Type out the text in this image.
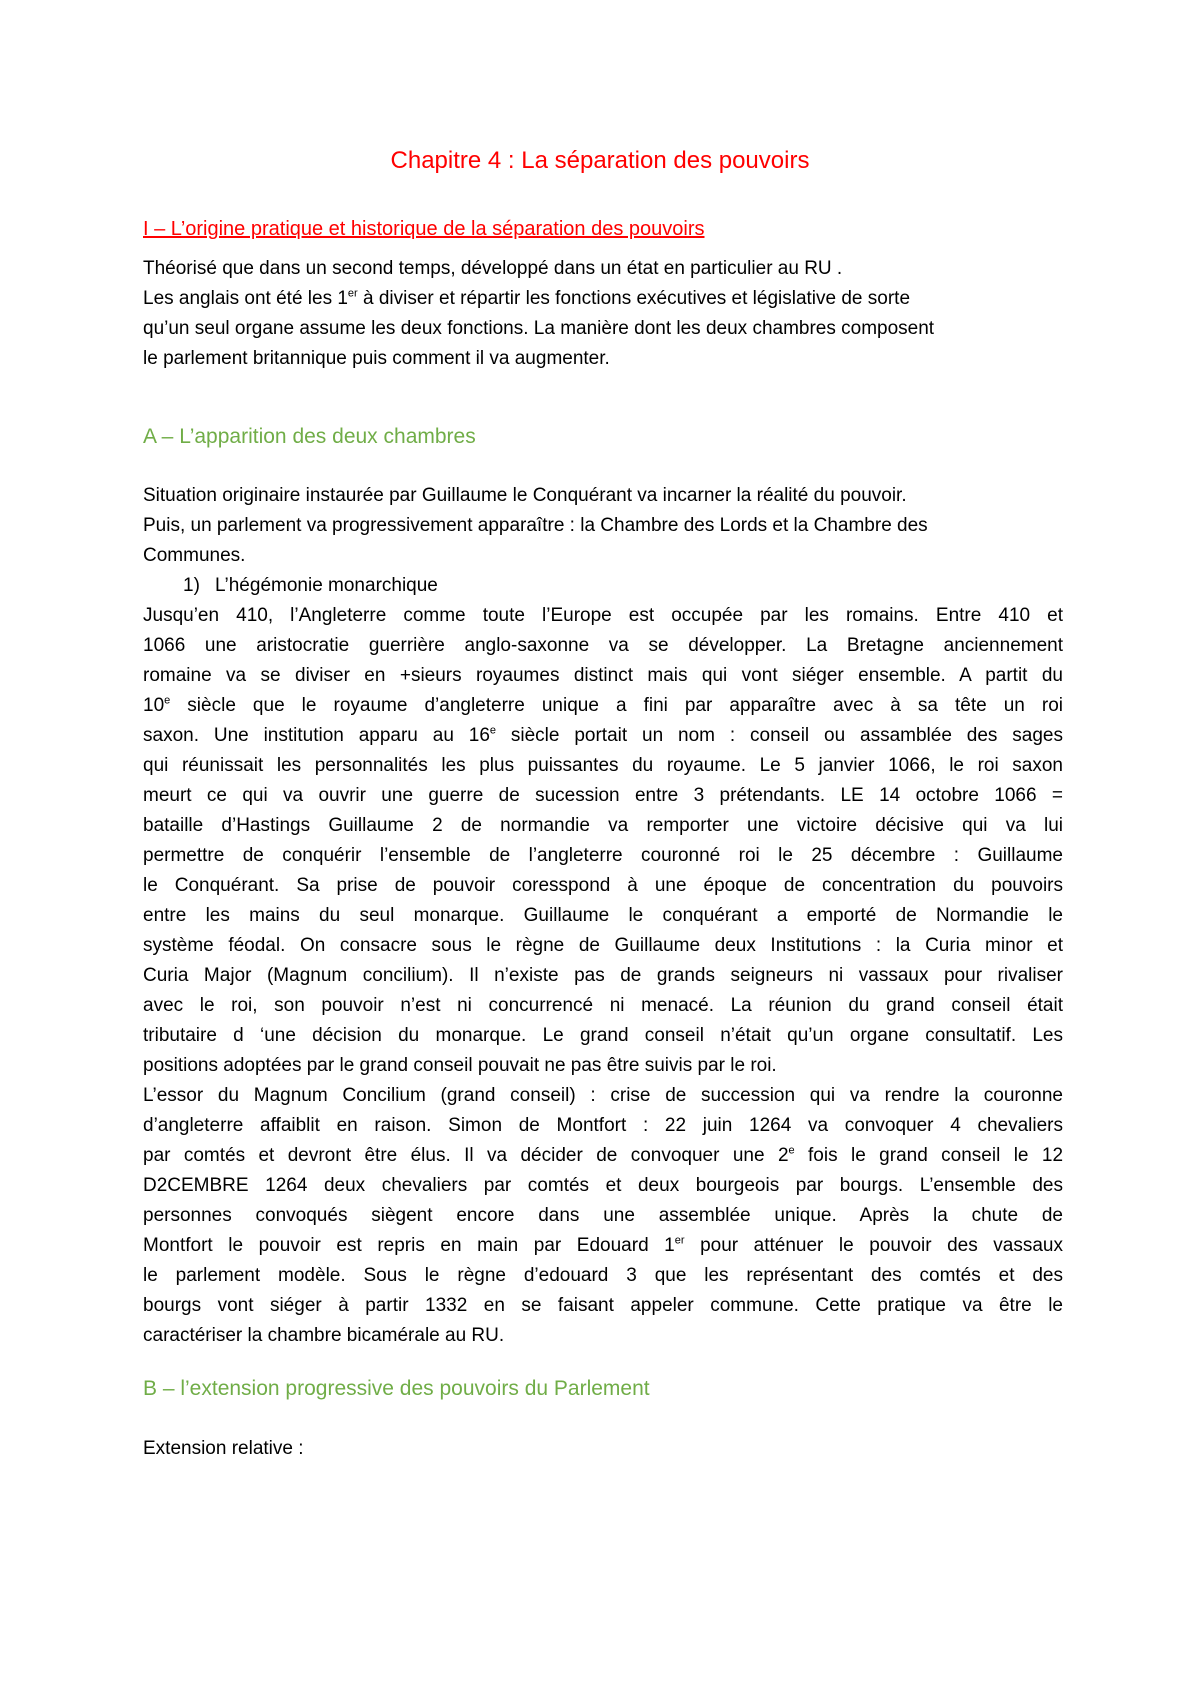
Chapitre 4 : La séparation des pouvoirs
I – L’origine pratique et historique de la séparation des pouvoirs
Théorisé que dans un second temps, développé dans un état en particulier au RU .
Les anglais ont été les 1er à diviser et répartir les fonctions exécutives et législative de sorte
qu’un seul organe assume les deux fonctions. La manière dont les deux chambres composent
le parlement britannique puis comment il va augmenter.
A – L’apparition des deux chambres
Situation originaire instaurée par Guillaume le Conquérant va incarner la réalité du pouvoir.
Puis, un parlement va progressivement apparaître : la Chambre des Lords et la Chambre des
Communes.
1) L’hégémonie monarchique
Jusqu’en 410, l’Angleterre comme toute l’Europe est occupée par les romains. Entre 410 et
1066 une aristocratie guerrière anglo-saxonne va se développer. La Bretagne anciennement
romaine va se diviser en +sieurs royaumes distinct mais qui vont siéger ensemble. A partit du
10e siècle que le royaume d’angleterre unique a fini par apparaître avec à sa tête un roi
saxon. Une institution apparu au 16e siècle portait un nom : conseil ou assamblée des sages
qui réunissait les personnalités les plus puissantes du royaume. Le 5 janvier 1066, le roi saxon
meurt ce qui va ouvrir une guerre de sucession entre 3 prétendants. LE 14 octobre 1066 =
bataille d’Hastings Guillaume 2 de normandie va remporter une victoire décisive qui va lui
permettre de conquérir l’ensemble de l’angleterre couronné roi le 25 décembre : Guillaume
le Conquérant. Sa prise de pouvoir coresspond à une époque de concentration du pouvoirs
entre les mains du seul monarque. Guillaume le conquérant a emporté de Normandie le
système féodal. On consacre sous le règne de Guillaume deux Institutions : la Curia minor et
Curia Major (Magnum concilium). Il n’existe pas de grands seigneurs ni vassaux pour rivaliser
avec le roi, son pouvoir n’est ni concurrencé ni menacé. La réunion du grand conseil était
tributaire d ‘une décision du monarque. Le grand conseil n’était qu’un organe consultatif. Les
positions adoptées par le grand conseil pouvait ne pas être suivis par le roi.
L’essor du Magnum Concilium (grand conseil) : crise de succession qui va rendre la couronne
d’angleterre affaiblit en raison. Simon de Montfort : 22 juin 1264 va convoquer 4 chevaliers
par comtés et devront être élus. Il va décider de convoquer une 2e fois le grand conseil le 12
D2CEMBRE 1264 deux chevaliers par comtés et deux bourgeois par bourgs. L’ensemble des
personnes convoqués siègent encore dans une assemblée unique. Après la chute de
Montfort le pouvoir est repris en main par Edouard 1er pour atténuer le pouvoir des vassaux
le parlement modèle. Sous le règne d’edouard 3 que les représentant des comtés et des
bourgs vont siéger à partir 1332 en se faisant appeler commune. Cette pratique va être le
caractériser la chambre bicamérale au RU.
B – l’extension progressive des pouvoirs du Parlement
Extension relative :
